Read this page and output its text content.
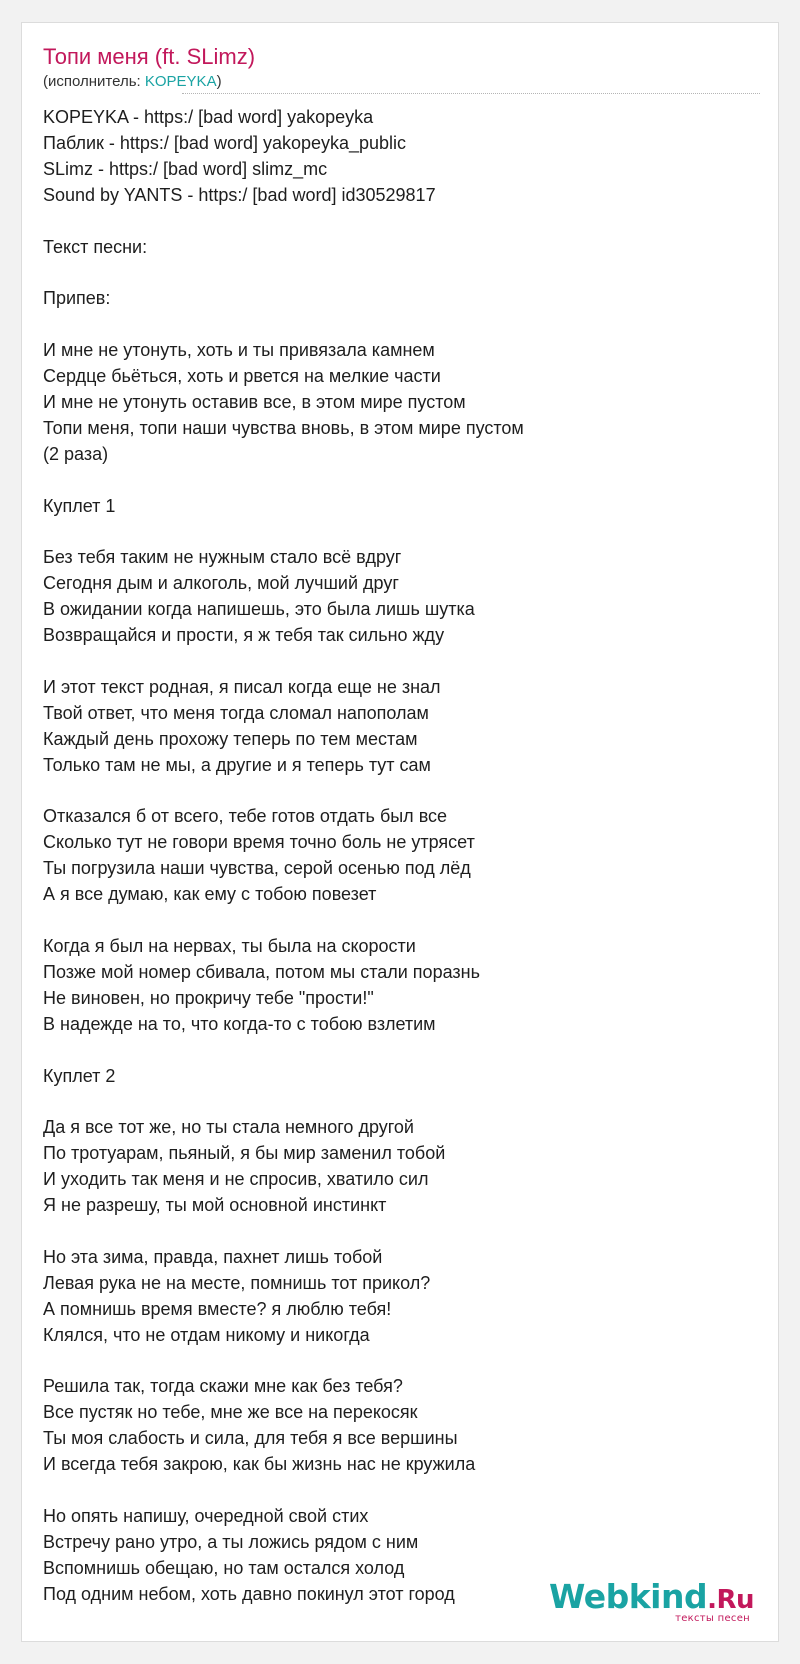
Топи меня (ft. SLimz)
(исполнитель: KOPEYKA)
KOPEYKA - https:/ [bad word] yakopeyka
Паблик - https:/ [bad word] yakopeyka_public
SLimz - https:/ [bad word] slimz_mc
Sound by YANTS - https:/ [bad word] id30529817

Текст песни:

Припев:

И мне не утонуть, хоть и ты привязала камнем
Сердце бьёться, хоть и рвется на мелкие части
И мне не утонуть оставив все, в этом мире пустом
Топи меня, топи наши чувства вновь, в этом мире пустом
(2 раза)

Куплет 1

Без тебя таким не нужным стало всё вдруг
Сегодня дым и алкоголь, мой лучший друг
В ожидании когда напишешь, это была лишь шутка
Возвращайся и прости, я ж тебя так сильно жду

И этот текст родная, я писал когда еще не знал
Твой ответ, что меня тогда сломал напополам
Каждый день прохожу теперь по тем местам
Только там не мы, а другие и я теперь тут сам

Отказался б от всего, тебе готов отдать был все
Сколько тут не говори время точно боль не утрясет
Ты погрузила наши чувства, серой осенью под лёд
А я все думаю, как ему с тобою повезет

Когда я был на нервах, ты была на скорости
Позже мой номер сбивала, потом мы стали поразнь
Не виновен, но прокричу тебе "прости!"
В надежде на то, что когда-то с тобою взлетим

Куплет 2

Да я все тот же, но ты стала немного другой
По тротуарам, пьяный, я бы мир заменил тобой
И уходить так меня и не спросив, хватило сил
Я не разрешу, ты мой основной инстинкт

Но эта зима, правда, пахнет лишь тобой
Левая рука не на месте, помнишь тот прикол?
А помнишь время вместе? я люблю тебя!
Клялся, что не отдам никому и никогда

Решила так, тогда скажи мне как без тебя?
Все пустяк но тебе, мне же все на перекосяк
Ты моя слабость и сила, для тебя я все вершины
И всегда тебя закрою, как бы жизнь нас не кружила

Но опять напишу, очередной свой стих
Встречу рано утро, а ты ложись рядом с ним
Вспомнишь обещаю, но там остался холод
Под одним небом, хоть давно покинул этот город	Webkind.Ru
тексты песен
